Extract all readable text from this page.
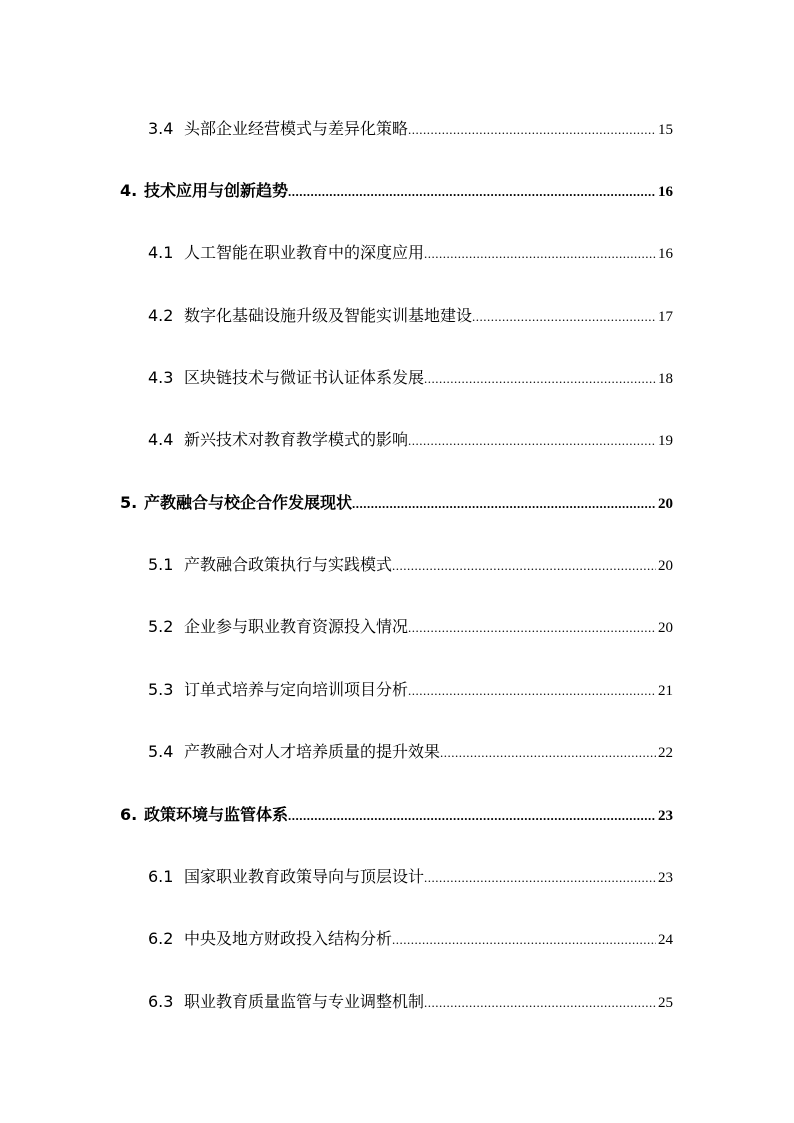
3.4 头部企业经营模式与差异化策略 .....	15
4. 技术应用与创新趋势 .....	16
4.1 人工智能在职业教育中的深度应用 .....	16
4.2 数字化基础设施升级及智能实训基地建设 .....	17
4.3 区块链技术与微证书认证体系发展 .....	18
4.4 新兴技术对教育教学模式的影响 .....	19
5. 产教融合与校企合作发展现状 .....	20
5.1 产教融合政策执行与实践模式 .....	20
5.2 企业参与职业教育资源投入情况 .....	20
5.3 订单式培养与定向培训项目分析 .....	21
5.4 产教融合对人才培养质量的提升效果 .....	22
6. 政策环境与监管体系 .....	23
6.1 国家职业教育政策导向与顶层设计 .....	23
6.2 中央及地方财政投入结构分析 .....	24
6.3 职业教育质量监管与专业调整机制 .....	25
